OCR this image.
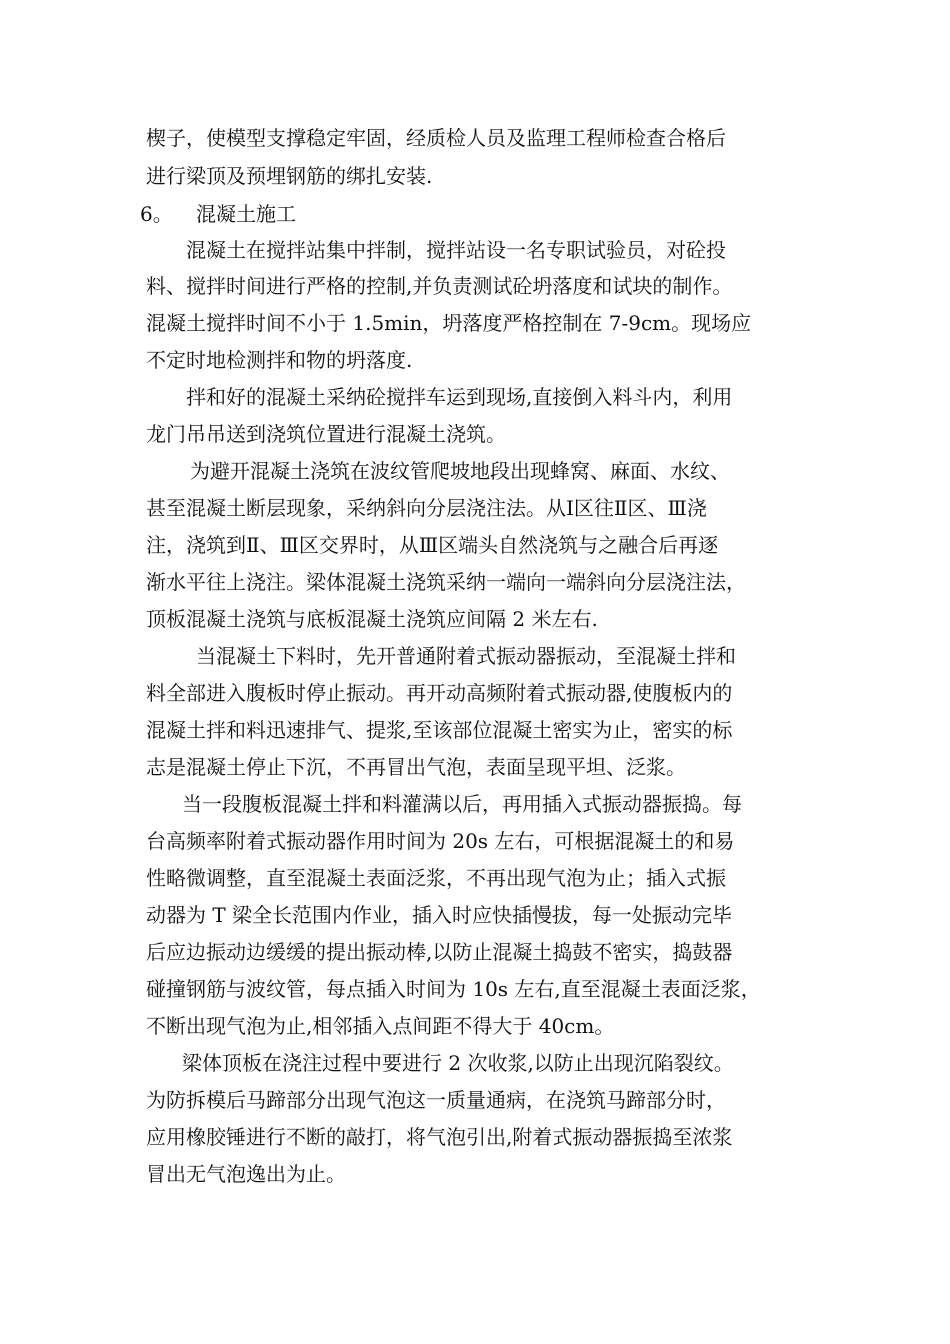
楔子，使模型支撑稳定牢固，经质检人员及监理工程师检查合格后
进行梁顶及预埋钢筋的绑扎安装.
6。 混凝土施工
混凝土在搅拌站集中拌制，搅拌站设一名专职试验员，对砼投
料、搅拌时间进行严格的控制,并负责测试砼坍落度和试块的制作。
混凝土搅拌时间不小于 1.5min，坍落度严格控制在 7-9cm。现场应
不定时地检测拌和物的坍落度.
拌和好的混凝土采纳砼搅拌车运到现场,直接倒入料斗内，利用
龙门吊吊送到浇筑位置进行混凝土浇筑。
为避开混凝土浇筑在波纹管爬坡地段出现蜂窝、麻面、水纹、
甚至混凝土断层现象，采纳斜向分层浇注法。从Ⅰ区往Ⅱ区、Ⅲ浇
注，浇筑到Ⅱ、Ⅲ区交界时，从Ⅲ区端头自然浇筑与之融合后再逐
渐水平往上浇注。梁体混凝土浇筑采纳一端向一端斜向分层浇注法，
顶板混凝土浇筑与底板混凝土浇筑应间隔 2 米左右.
当混凝土下料时，先开普通附着式振动器振动，至混凝土拌和
料全部进入腹板时停止振动。再开动高频附着式振动器,使腹板内的
混凝土拌和料迅速排气、提浆,至该部位混凝土密实为止，密实的标
志是混凝土停止下沉，不再冒出气泡，表面呈现平坦、泛浆。
当一段腹板混凝土拌和料灌满以后，再用插入式振动器振捣。每
台高频率附着式振动器作用时间为 20s 左右，可根据混凝土的和易
性略微调整，直至混凝土表面泛浆，不再出现气泡为止；插入式振
动器为 T 梁全长范围内作业，插入时应快插慢拔，每一处振动完毕
后应边振动边缓缓的提出振动棒,以防止混凝土捣鼓不密实，捣鼓器
碰撞钢筋与波纹管，每点插入时间为 10s 左右,直至混凝土表面泛浆，
不断出现气泡为止,相邻插入点间距不得大于 40cm。
梁体顶板在浇注过程中要进行 2 次收浆,以防止出现沉陷裂纹。
为防拆模后马蹄部分出现气泡这一质量通病，在浇筑马蹄部分时，
应用橡胶锤进行不断的敲打，将气泡引出,附着式振动器振捣至浓浆
冒出无气泡逸出为止。
